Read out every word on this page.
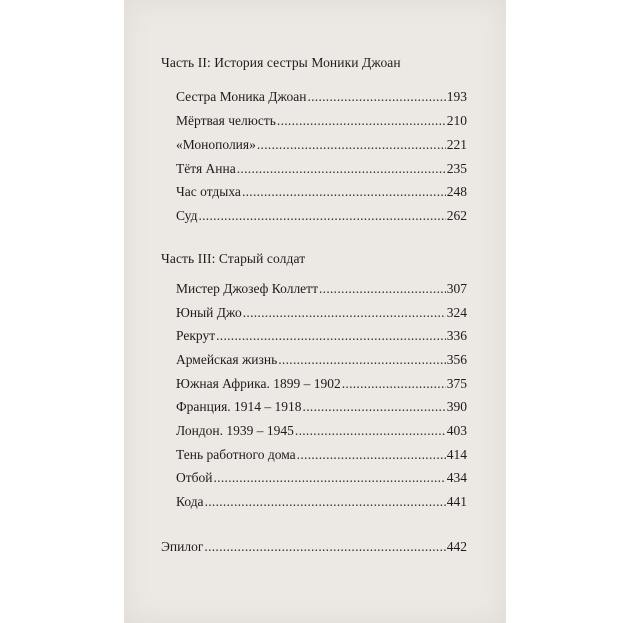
Часть II: История сестры Моники Джоан
Сестра Моника Джоан .....	193
Мёртвая челюсть .....	210
«Монополия» .....	221
Тётя Анна .....	235
Час отдыха .....	248
Суд .....	262
Часть III: Старый солдат
Мистер Джозеф Коллетт .....	307
Юный Джо .....	324
Рекрут .....	336
Армейская жизнь .....	356
Южная Африка. 1899 – 1902 .....	375
Франция. 1914 – 1918 .....	390
Лондон. 1939 – 1945 .....	403
Тень работного дома .....	414
Отбой .....	434
Кода .....	441
Эпилог .....	442
